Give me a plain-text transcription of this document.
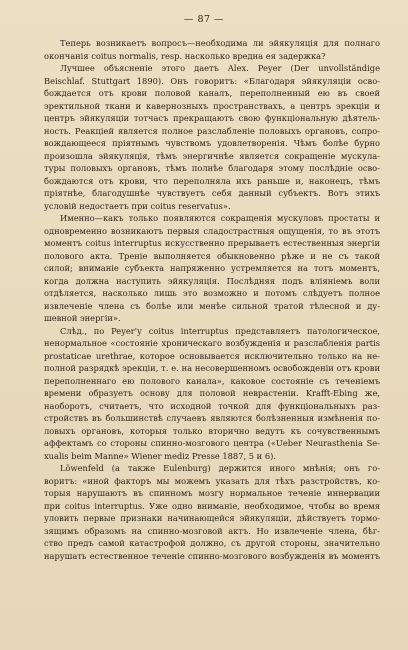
— 87 —
Теперь возникаетъ вопросъ—необходима ли эйякуляція для полнаго
окончанія coitus normalis, resp. насколько вредна ея задержка?
Лучшее объясненіе этого даетъ Alex. Peyer (Der unvollständige
Beischlaf. Stuttgart 1890). Онъ говоритъ: «Благодаря эйякуляціи осво-
бождается отъ крови половой каналъ, переполненный ею въ своей
эректильной ткани и кавернозныхъ пространствахъ, а центръ эрекціи и
центръ эйякуляціи тотчасъ прекращаютъ свою функціональную дѣятель-
ность. Реакціей является полное разслабленіе половыхъ органовъ, сопро-
вождающееся пріятнымъ чувствомъ удовлетворенія. Чѣмъ болѣе бурно
произошла эйякуляція, тѣмъ энергичнѣе является сокращеніе мускула-
туры половыхъ органовъ, тѣмъ полнѣе благодаря этому послѣдніе осво-
бождаются отъ крови, что переполняла ихъ раньше и, наконецъ, тѣмъ
пріятнѣе, благодушнѣе чувствуетъ себя данный субъектъ. Вотъ этихъ
условій недостаетъ при coitus reservatus».
Именно—какъ только появляются сокращенія мускуловъ простаты и
одновременно возникаютъ первыя сладострастныя ощущенія, то въ этотъ
моментъ coitus interruptus искусственно прерываетъ естественныя энергіи
полового акта. Треніе выполняется обыкновенно рѣже и не съ такой
силой; вниманіе субъекта напряженно устремляется на тотъ моментъ,
когда должна наступить эйякуляція. Послѣдняя подъ вліяніемъ воли
отдѣляется, насколько лишь это возможно и потомъ слѣдуетъ полное
извлеченіе члена съ болѣе или менѣе сильной тратой тѣлесной и ду-
шевной энергіи».
Слѣд., по Peyer'у coitus interruptus представляетъ патологическое,
ненормальное «состояніе хроническаго возбужденія и разслабленія partis
prostaticae urethrae, которое основывается исключительно только на не-
полной разрядкѣ эрекціи, т. е. на несовершенномъ освобожденіи отъ крови
переполненнаго ею полового канала», каковое состояніе съ теченіемъ
времени образуетъ основу для половой неврастеніи. Krafft-Ebing же,
наоборотъ, считаетъ, что исходной точкой для функціональныхъ раз-
стройствъ въ большинствѣ случаевъ являются болѣзненныя измѣненія по-
ловыхъ органовъ, которыя только вторично ведутъ къ сочувственнымъ
аффектамъ со стороны спинно-мозгового центра («Ueber Neurasthenia Se-
xualis beim Manne» Wiener mediz Presse 1887, 5 и 6).
Löwenfeld (а также Eulenburg) держится иного мнѣнія; онъ го-
воритъ: «иной факторъ мы можемъ указать для тѣхъ разстройствъ, ко-
торыя нарушаютъ въ спинномъ мозгу нормальное теченіе иннервации
при coitus interruptus. Уже одно вниманіе, необходимое, чтобы во время
уловить первые признаки начинающейся эйякуляціи, дѣйствуетъ тормо-
зящимъ образомъ на спинно-мозговой актъ. Но извлеченіе члена, бѣг-
ство предъ самой катастрофой должно, съ другой стороны, значительно
нарушать естественное теченіе спинно-мозгового возбужденія въ моментъ
